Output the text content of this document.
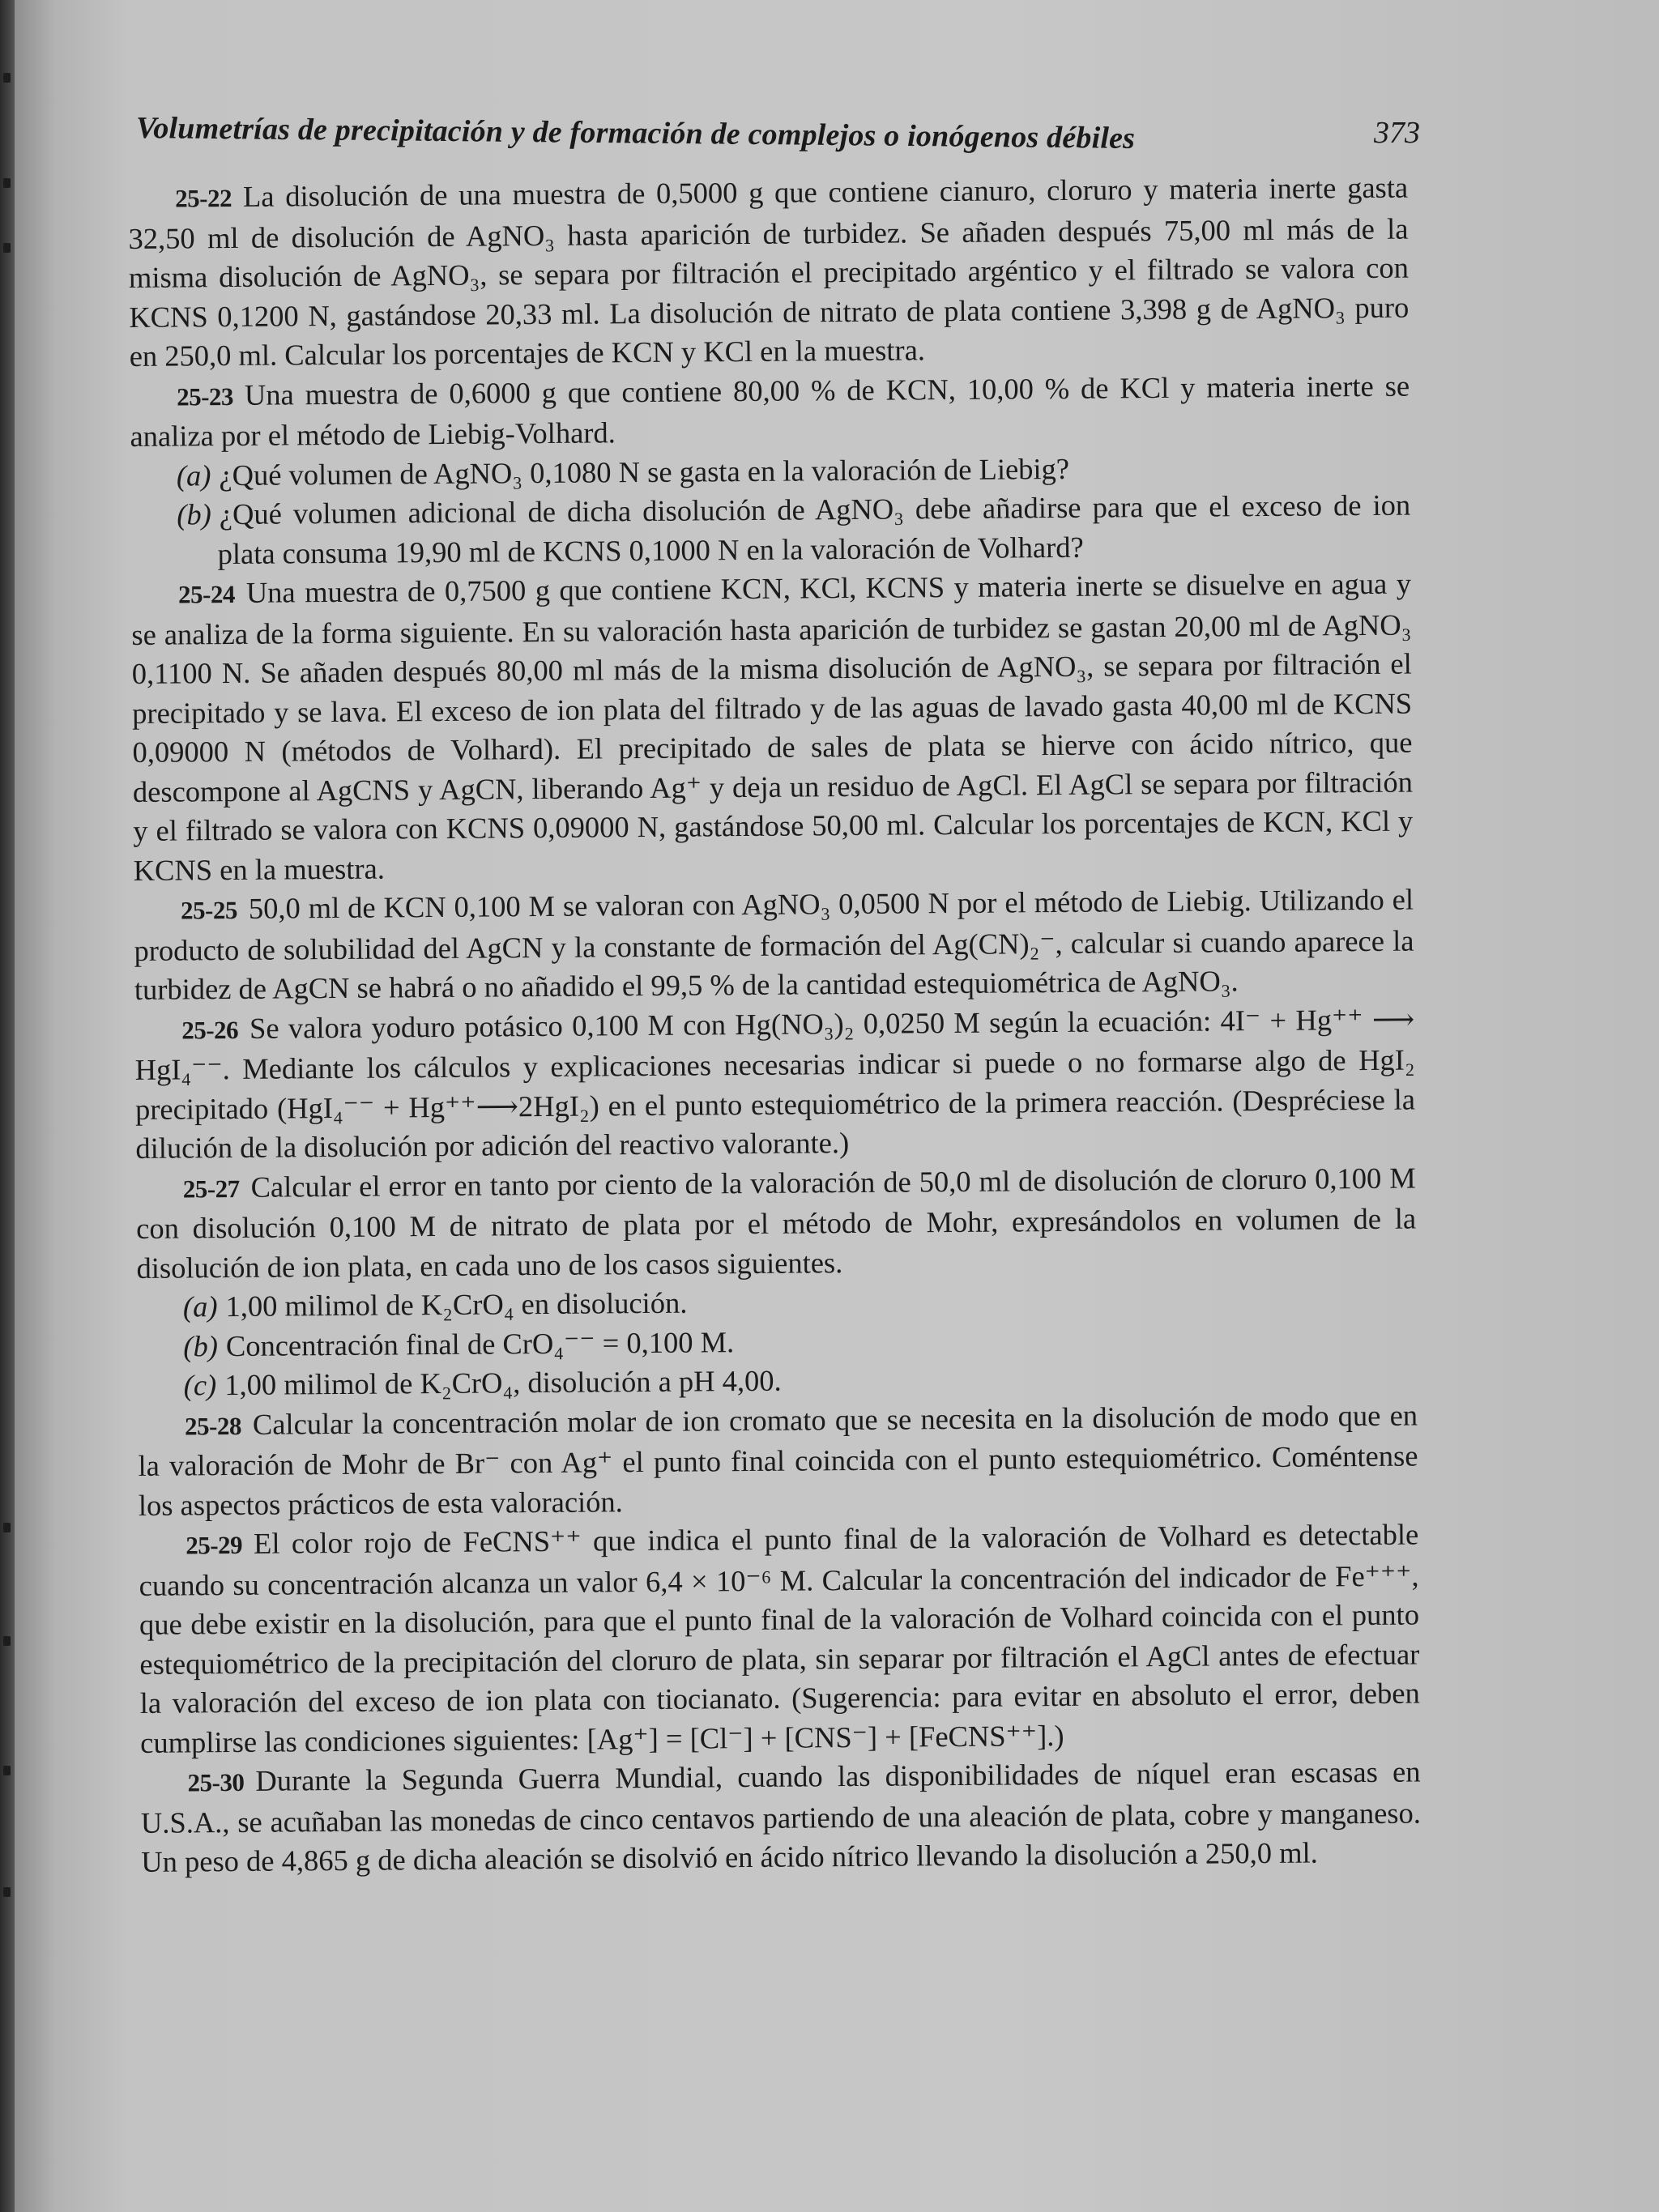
Volumetrías de precipitación y de formación de complejos o ionógenos débiles	373

25-22 La disolución de una muestra de 0,5000 g que contiene cianuro, cloruro y materia inerte gasta 32,50 ml de disolución de AgNO₃ hasta aparición de turbidez. Se añaden después 75,00 ml más de la misma disolución de AgNO₃, se separa por filtración el precipitado argéntico y el filtrado se valora con KCNS 0,1200 N, gastándose 20,33 ml. La disolución de nitrato de plata contiene 3,398 g de AgNO₃ puro en 250,0 ml. Calcular los porcentajes de KCN y KCl en la muestra.

25-23 Una muestra de 0,6000 g que contiene 80,00 % de KCN, 10,00 % de KCl y materia inerte se analiza por el método de Liebig-Volhard.

(a) ¿Qué volumen de AgNO₃ 0,1080 N se gasta en la valoración de Liebig?

(b) ¿Qué volumen adicional de dicha disolución de AgNO₃ debe añadirse para que el exceso de ion plata consuma 19,90 ml de KCNS 0,1000 N en la valoración de Volhard?

25-24 Una muestra de 0,7500 g que contiene KCN, KCl, KCNS y materia inerte se disuelve en agua y se analiza de la forma siguiente. En su valoración hasta aparición de turbidez se gastan 20,00 ml de AgNO₃ 0,1100 N. Se añaden después 80,00 ml más de la misma disolución de AgNO₃, se separa por filtración el precipitado y se lava. El exceso de ion plata del filtrado y de las aguas de lavado gasta 40,00 ml de KCNS 0,09000 N (métodos de Volhard). El precipitado de sales de plata se hierve con ácido nítrico, que descompone al AgCNS y AgCN, liberando Ag⁺ y deja un residuo de AgCl. El AgCl se separa por filtración y el filtrado se valora con KCNS 0,09000 N, gastándose 50,00 ml. Calcular los porcentajes de KCN, KCl y KCNS en la muestra.

25-25 50,0 ml de KCN 0,100 M se valoran con AgNO₃ 0,0500 N por el método de Liebig. Utilizando el producto de solubilidad del AgCN y la constante de formación del Ag(CN)₂⁻, calcular si cuando aparece la turbidez de AgCN se habrá o no añadido el 99,5 % de la cantidad estequiométrica de AgNO₃.

25-26 Se valora yoduro potásico 0,100 M con Hg(NO₃)₂ 0,0250 M según la ecuación: 4I⁻ + Hg⁺⁺ ⟶ HgI₄⁻⁻. Mediante los cálculos y explicaciones necesarias indicar si puede o no formarse algo de HgI₂ precipitado (HgI₄⁻⁻ + Hg⁺⁺⟶2HgI₂) en el punto estequiométrico de la primera reacción. (Despréciese la dilución de la disolución por adición del reactivo valorante.)

25-27 Calcular el error en tanto por ciento de la valoración de 50,0 ml de disolución de cloruro 0,100 M con disolución 0,100 M de nitrato de plata por el método de Mohr, expresándolos en volumen de la disolución de ion plata, en cada uno de los casos siguientes.

(a) 1,00 milimol de K₂CrO₄ en disolución.

(b) Concentración final de CrO₄⁻⁻ = 0,100 M.

(c) 1,00 milimol de K₂CrO₄, disolución a pH 4,00.

25-28 Calcular la concentración molar de ion cromato que se necesita en la disolución de modo que en la valoración de Mohr de Br⁻ con Ag⁺ el punto final coincida con el punto estequiométrico. Coméntense los aspectos prácticos de esta valoración.

25-29 El color rojo de FeCNS⁺⁺ que indica el punto final de la valoración de Volhard es detectable cuando su concentración alcanza un valor 6,4 × 10⁻⁶ M. Calcular la concentración del indicador de Fe⁺⁺⁺, que debe existir en la disolución, para que el punto final de la valoración de Volhard coincida con el punto estequiométrico de la precipitación del cloruro de plata, sin separar por filtración el AgCl antes de efectuar la valoración del exceso de ion plata con tiocianato. (Sugerencia: para evitar en absoluto el error, deben cumplirse las condiciones siguientes: [Ag⁺] = [Cl⁻] + [CNS⁻] + [FeCNS⁺⁺].)

25-30 Durante la Segunda Guerra Mundial, cuando las disponibilidades de níquel eran escasas en U.S.A., se acuñaban las monedas de cinco centavos partiendo de una aleación de plata, cobre y manganeso. Un peso de 4,865 g de dicha aleación se disolvió en ácido nítrico llevando la disolución a 250,0 ml.
